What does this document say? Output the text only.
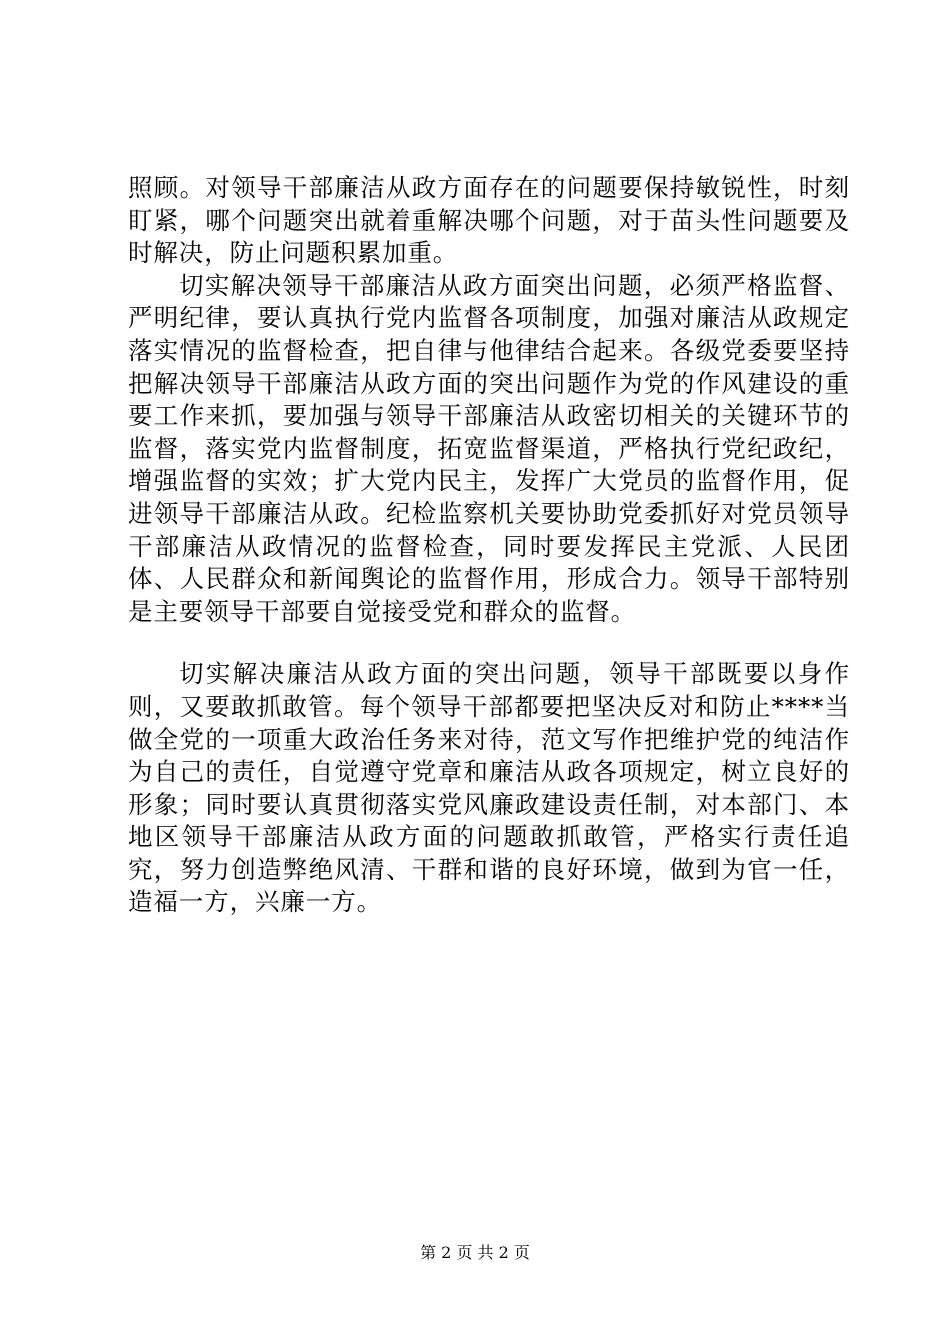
照顾。对领导干部廉洁从政方面存在的问题要保持敏锐性，时刻盯紧，哪个问题突出就着重解决哪个问题，对于苗头性问题要及时解决，防止问题积累加重。

切实解决领导干部廉洁从政方面突出问题，必须严格监督、严明纪律，要认真执行党内监督各项制度，加强对廉洁从政规定落实情况的监督检查，把自律与他律结合起来。各级党委要坚持把解决领导干部廉洁从政方面的突出问题作为党的作风建设的重要工作来抓，要加强与领导干部廉洁从政密切相关的关键环节的监督，落实党内监督制度，拓宽监督渠道，严格执行党纪政纪，增强监督的实效；扩大党内民主，发挥广大党员的监督作用，促进领导干部廉洁从政。纪检监察机关要协助党委抓好对党员领导干部廉洁从政情况的监督检查，同时要发挥民主党派、人民团体、人民群众和新闻舆论的监督作用，形成合力。领导干部特别是主要领导干部要自觉接受党和群众的监督。

切实解决廉洁从政方面的突出问题，领导干部既要以身作则，又要敢抓敢管。每个领导干部都要把坚决反对和防止****当做全党的一项重大政治任务来对待，范文写作把维护党的纯洁作为自己的责任，自觉遵守党章和廉洁从政各项规定，树立良好的形象；同时要认真贯彻落实党风廉政建设责任制，对本部门、本地区领导干部廉洁从政方面的问题敢抓敢管，严格实行责任追究，努力创造弊绝风清、干群和谐的良好环境，做到为官一任，造福一方，兴廉一方。

第 2 页 共 2 页
